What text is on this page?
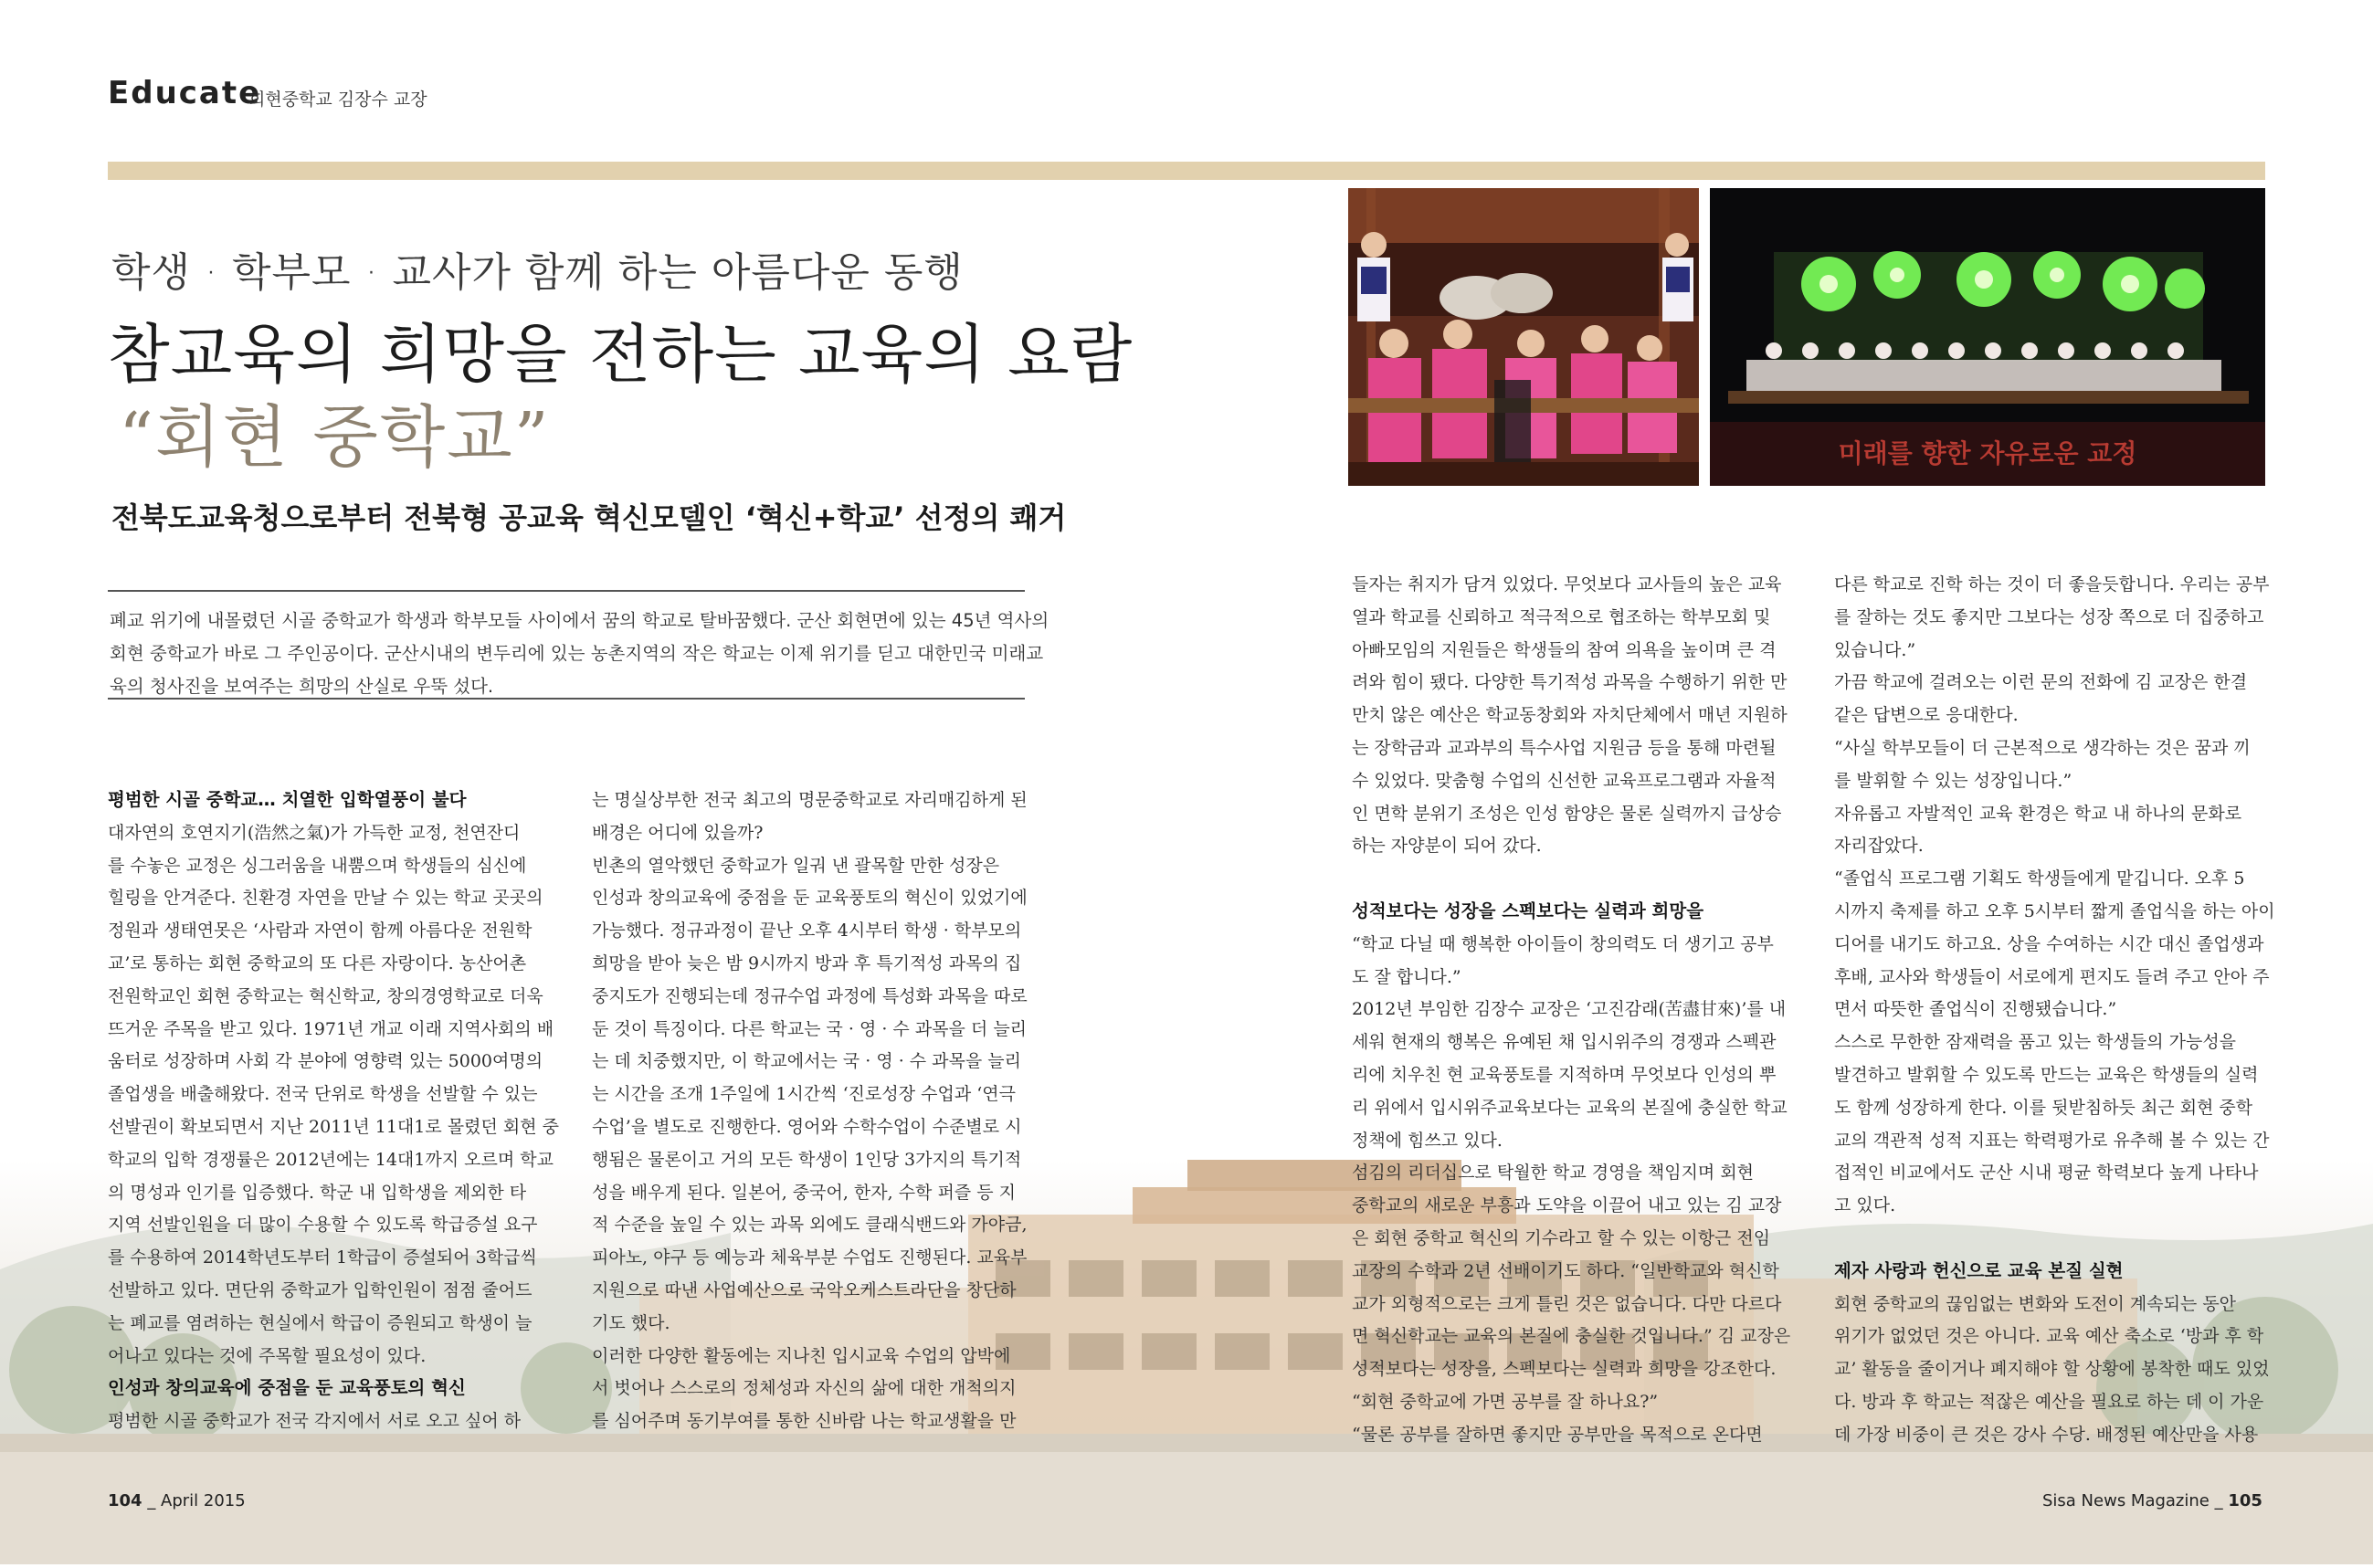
Educate
회현중학교 김장수 교장
학생 · 학부모 · 교사가 함께 하는 아름다운 동행
참교육의 희망을 전하는 교육의 요람
“회현 중학교”
전북도교육청으로부터 전북형 공교육 혁신모델인 ‘혁신+학교’ 선정의 쾌거
폐교 위기에 내몰렸던 시골 중학교가 학생과 학부모들 사이에서 꿈의 학교로 탈바꿈했다. 군산 회현면에 있는 45년 역사의
회현 중학교가 바로 그 주인공이다. 군산시내의 변두리에 있는 농촌지역의 작은 학교는 이제 위기를 딛고 대한민국 미래교
육의 청사진을 보여주는 희망의 산실로 우뚝 섰다.
미래를 향한 자유로운 교정
평범한 시골 중학교… 치열한 입학열풍이 불다
대자연의 호연지기(浩然之氣)가 가득한 교정, 천연잔디
를 수놓은 교정은 싱그러움을 내뿜으며 학생들의 심신에
힐링을 안겨준다. 친환경 자연을 만날 수 있는 학교 곳곳의
정원과 생태연못은 ‘사람과 자연이 함께 아름다운 전원학
교’로 통하는 회현 중학교의 또 다른 자랑이다. 농산어촌
전원학교인 회현 중학교는 혁신학교, 창의경영학교로 더욱
뜨거운 주목을 받고 있다. 1971년 개교 이래 지역사회의 배
움터로 성장하며 사회 각 분야에 영향력 있는 5000여명의
졸업생을 배출해왔다. 전국 단위로 학생을 선발할 수 있는
선발권이 확보되면서 지난 2011년 11대1로 몰렸던 회현 중
학교의 입학 경쟁률은 2012년에는 14대1까지 오르며 학교
의 명성과 인기를 입증했다. 학군 내 입학생을 제외한 타
지역 선발인원을 더 많이 수용할 수 있도록 학급증설 요구
를 수용하여 2014학년도부터 1학급이 증설되어 3학급씩
선발하고 있다. 면단위 중학교가 입학인원이 점점 줄어드
는 폐교를 염려하는 현실에서 학급이 증원되고 학생이 늘
어나고 있다는 것에 주목할 필요성이 있다.
인성과 창의교육에 중점을 둔 교육풍토의 혁신
평범한 시골 중학교가 전국 각지에서 서로 오고 싶어 하
는 명실상부한 전국 최고의 명문중학교로 자리매김하게 된
배경은 어디에 있을까?
빈촌의 열악했던 중학교가 일궈 낸 괄목할 만한 성장은
인성과 창의교육에 중점을 둔 교육풍토의 혁신이 있었기에
가능했다. 정규과정이 끝난 오후 4시부터 학생 · 학부모의
희망을 받아 늦은 밤 9시까지 방과 후 특기적성 과목의 집
중지도가 진행되는데 정규수업 과정에 특성화 과목을 따로
둔 것이 특징이다. 다른 학교는 국 · 영 · 수 과목을 더 늘리
는 데 치중했지만, 이 학교에서는 국 · 영 · 수 과목을 늘리
는 시간을 조개 1주일에 1시간씩 ‘진로성장 수업과 ‘연극
수업’을 별도로 진행한다. 영어와 수학수업이 수준별로 시
행됨은 물론이고 거의 모든 학생이 1인당 3가지의 특기적
성을 배우게 된다. 일본어, 중국어, 한자, 수학 퍼즐 등 지
적 수준을 높일 수 있는 과목 외에도 클래식밴드와 가야금,
피아노, 야구 등 예능과 체육부분 수업도 진행된다. 교육부
지원으로 따낸 사업예산으로 국악오케스트라단을 창단하
기도 했다.
이러한 다양한 활동에는 지나친 입시교육 수업의 압박에
서 벗어나 스스로의 정체성과 자신의 삶에 대한 개척의지
를 심어주며 동기부여를 통한 신바람 나는 학교생활을 만
들자는 취지가 담겨 있었다. 무엇보다 교사들의 높은 교육
열과 학교를 신뢰하고 적극적으로 협조하는 학부모회 및
아빠모임의 지원들은 학생들의 참여 의욕을 높이며 큰 격
려와 힘이 됐다. 다양한 특기적성 과목을 수행하기 위한 만
만치 않은 예산은 학교동창회와 자치단체에서 매년 지원하
는 장학금과 교과부의 특수사업 지원금 등을 통해 마련될
수 있었다. 맞춤형 수업의 신선한 교육프로그램과 자율적
인 면학 분위기 조성은 인성 함양은 물론 실력까지 급상승
하는 자양분이 되어 갔다.
성적보다는 성장을 스펙보다는 실력과 희망을
“학교 다닐 때 행복한 아이들이 창의력도 더 생기고 공부
도 잘 합니다.”
2012년 부임한 김장수 교장은 ‘고진감래(苦盡甘來)’를 내
세워 현재의 행복은 유예된 채 입시위주의 경쟁과 스펙관
리에 치우친 현 교육풍토를 지적하며 무엇보다 인성의 뿌
리 위에서 입시위주교육보다는 교육의 본질에 충실한 학교
정책에 힘쓰고 있다.
섬김의 리더십으로 탁월한 학교 경영을 책임지며 회현
중학교의 새로운 부흥과 도약을 이끌어 내고 있는 김 교장
은 회현 중학교 혁신의 기수라고 할 수 있는 이항근 전임
교장의 수학과 2년 선배이기도 하다. “일반학교와 혁신학
교가 외형적으로는 크게 틀린 것은 없습니다. 다만 다르다
면 혁신학교는 교육의 본질에 충실한 것입니다.” 김 교장은
성적보다는 성장을, 스펙보다는 실력과 희망을 강조한다.
“회현 중학교에 가면 공부를 잘 하나요?”
“물론 공부를 잘하면 좋지만 공부만을 목적으로 온다면
다른 학교로 진학 하는 것이 더 좋을듯합니다. 우리는 공부
를 잘하는 것도 좋지만 그보다는 성장 쪽으로 더 집중하고
있습니다.”
가끔 학교에 걸려오는 이런 문의 전화에 김 교장은 한결
같은 답변으로 응대한다.
“사실 학부모들이 더 근본적으로 생각하는 것은 꿈과 끼
를 발휘할 수 있는 성장입니다.”
자유롭고 자발적인 교육 환경은 학교 내 하나의 문화로
자리잡았다.
“졸업식 프로그램 기획도 학생들에게 맡깁니다. 오후 5
시까지 축제를 하고 오후 5시부터 짧게 졸업식을 하는 아이
디어를 내기도 하고요. 상을 수여하는 시간 대신 졸업생과
후배, 교사와 학생들이 서로에게 편지도 들려 주고 안아 주
면서 따뜻한 졸업식이 진행됐습니다.”
스스로 무한한 잠재력을 품고 있는 학생들의 가능성을
발견하고 발휘할 수 있도록 만드는 교육은 학생들의 실력
도 함께 성장하게 한다. 이를 뒷받침하듯 최근 회현 중학
교의 객관적 성적 지표는 학력평가로 유추해 볼 수 있는 간
접적인 비교에서도 군산 시내 평균 학력보다 높게 나타나
고 있다.
제자 사랑과 헌신으로 교육 본질 실현
회현 중학교의 끊임없는 변화와 도전이 계속되는 동안
위기가 없었던 것은 아니다. 교육 예산 축소로 ‘방과 후 학
교’ 활동을 줄이거나 폐지해야 할 상황에 봉착한 때도 있었
다. 방과 후 학교는 적잖은 예산을 필요로 하는 데 이 가운
데 가장 비중이 큰 것은 강사 수당. 배정된 예산만을 사용
104 _ April 2015	Sisa News Magazine _ 105
